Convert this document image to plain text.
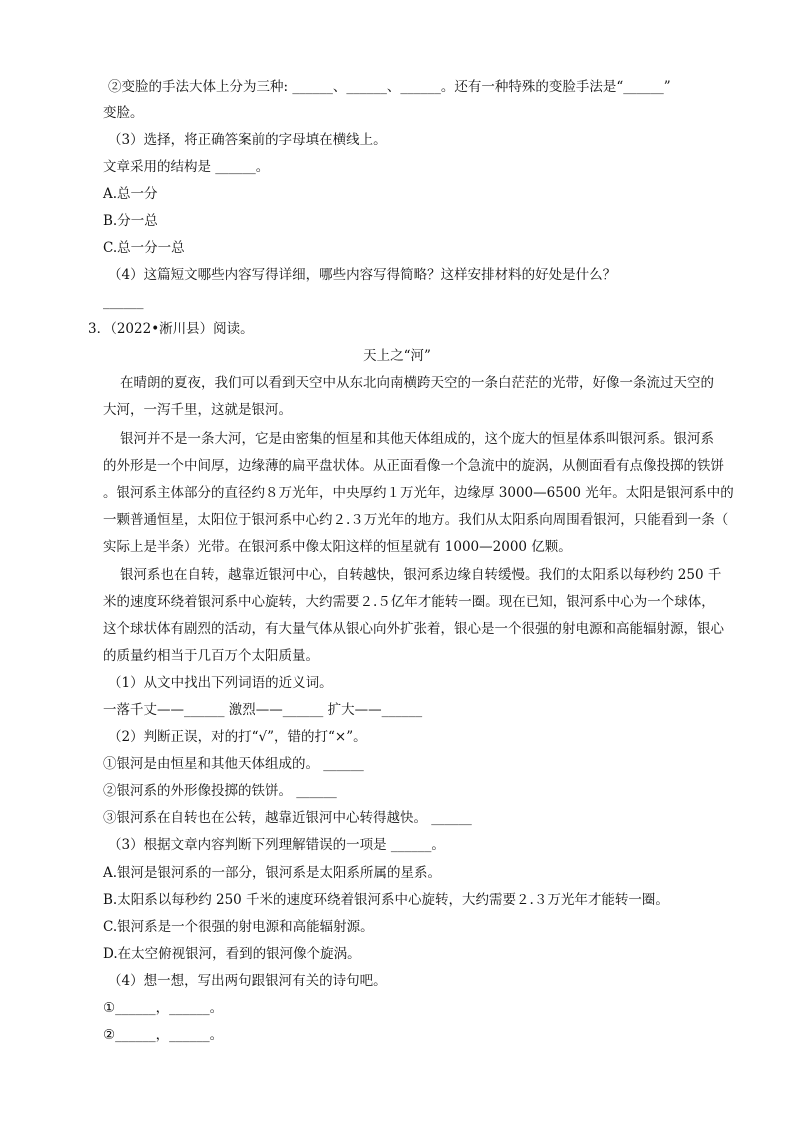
②变脸的手法大体上分为三种: ______、______、______。还有一种特殊的变脸手法是“______”
变脸。
（3）选择，将正确答案前的字母填在横线上。
文章采用的结构是 ______。
A.总一分
B.分一总
C.总一分一总
（4）这篇短文哪些内容写得详细，哪些内容写得简略？这样安排材料的好处是什么？
______
3．（2022•淅川县）阅读。
天上之“河”
在晴朗的夏夜，我们可以看到天空中从东北向南横跨天空的一条白茫茫的光带，好像一条流过天空的
大河，一泻千里，这就是银河。
银河并不是一条大河，它是由密集的恒星和其他天体组成的，这个庞大的恒星体系叫银河系。银河系
的外形是一个中间厚，边缘薄的扁平盘状体。从正面看像一个急流中的旋涡，从侧面看有点像投掷的铁饼
。银河系主体部分的直径约８万光年，中央厚约１万光年，边缘厚 3000—6500 光年。太阳是银河系中的
一颗普通恒星，太阳位于银河系中心约２.３万光年的地方。我们从太阳系向周围看银河，只能看到一条（
实际上是半条）光带。在银河系中像太阳这样的恒星就有 1000—2000 亿颗。
银河系也在自转，越靠近银河中心，自转越快，银河系边缘自转缓慢。我们的太阳系以每秒约 250 千
米的速度环绕着银河系中心旋转，大约需要２.５亿年才能转一圈。现在已知，银河系中心为一个球体，
这个球状体有剧烈的活动，有大量气体从银心向外扩张着，银心是一个很强的射电源和高能辐射源，银心
的质量约相当于几百万个太阳质量。
（1）从文中找出下列词语的近义词。
一落千丈——______ 激烈——______ 扩大——______
（2）判断正误，对的打“√”，错的打“×”。
①银河是由恒星和其他天体组成的。 ______
②银河系的外形像投掷的铁饼。 ______
③银河系在自转也在公转，越靠近银河中心转得越快。 ______
（3）根据文章内容判断下列理解错误的一项是 ______。
A.银河是银河系的一部分，银河系是太阳系所属的星系。
B.太阳系以每秒约 250 千米的速度环绕着银河系中心旋转，大约需要２.３万光年才能转一圈。
C.银河系是一个很强的射电源和高能辐射源。
D.在太空俯视银河，看到的银河像个旋涡。
（4）想一想，写出两句跟银河有关的诗句吧。
①______，______。
②______，______。
